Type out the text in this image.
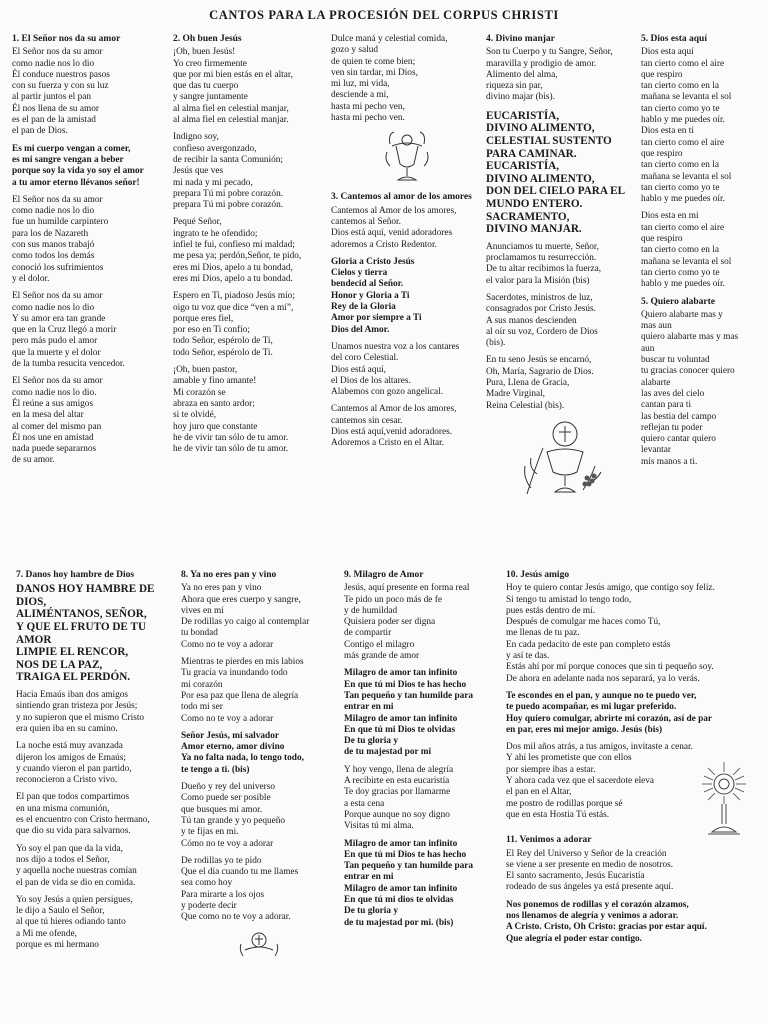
CANTOS PARA LA PROCESIÓN DEL CORPUS CHRISTI
1. El Señor nos da su amor
El Señor nos da su amor
como nadie nos lo dio
Él conduce nuestros pasos
con su fuerza y con su luz
al partir juntos el pan
Él nos llena de su amor
es el pan de la amistad
el pan de Dios.
Es mi cuerpo vengan a comer,
es mi sangre vengan a beber
porque soy la vida yo soy el amor
a tu amor eterno llévanos señor!
El Señor nos da su amor
como nadie nos lo dio
fue un humilde carpintero
para los de Nazareth
con sus manos trabajó
como todos los demás
conoció los sufrimientos
y el dolor.
El Señor nos da su amor
como nadie nos lo dio
Y su amor era tan grande
que en la Cruz llegó a morir
pero más pudo el amor
que la muerte y el dolor
de la tumba resucita vencedor.
El Señor nos da su amor
como nadie nos lo dio.
Él reúne a sus amigos
en la mesa del altar
al comer del mismo pan
Él nos une en amistad
nada puede separarnos
de su amor.
2. Oh buen Jesús
¡Oh, buen Jesús!
Yo creo firmemente
que por mi bien estás en el altar,
que das tu cuerpo
y sangre juntamente
al alma fiel en celestial manjar,
al alma fiel en celestial manjar.
Indigno soy,
confieso avergonzado,
de recibir la santa Comunión;
Jesús que ves
mi nada y mi pecado,
prepara Tú mi pobre corazón.
prepara Tú mi pobre corazón.
Pequé Señor,
ingrato te he ofendido;
infiel te fui, confieso mi maldad;
me pesa ya; perdón,Señor, te pido,
eres mi Dios, apelo a tu bondad,
eres mi Dios, apelo a tu bondad.
Espero en Ti, piadoso Jesús mío;
oigo tu voz que dice “ven a mí”,
porque eres fiel,
por eso en Ti confío;
todo Señor, espérolo de Ti,
todo Señor, espérolo de Ti.
¡Oh, buen pastor,
amable y fino amante!
Mi corazón se
abraza en santo ardor;
si te olvidé,
hoy juro que constante
he de vivir tan sólo de tu amor.
he de vivir tan sólo de tu amor.
Dulce maná y celestial comida,
gozo y salud
de quien te come bien;
ven sin tardar, mi Dios,
mi luz, mi vida,
desciende a mí,
hasta mi pecho ven,
hasta mi pecho ven.
3. Cantemos al amor de los amores
Cantemos al Amor de los amores,
cantemos al Señor.
Dios está aquí, venid adoradores
adoremos a Cristo Redentor.
Gloria a Cristo Jesús
Cielos y tierra
bendecid al Señor.
Honor y Gloria a Ti
Rey de la Gloria
Amor por siempre a Ti
Dios del Amor.
Unamos nuestra voz a los cantares
del coro Celestial.
Dios está aquí,
el Dios de los altares.
Alabemos con gozo angelical.
Cantemos al Amor de los amores,
cantemos sin cesar.
Dios está aquí,venid adoradores.
Adoremos a Cristo en el Altar.
4. Divino manjar
Son tu Cuerpo y tu Sangre, Señor,
maravilla y prodigio de amor.
Alimento del alma,
riqueza sin par,
divino majar (bis).
EUCARISTÍA,
DIVINO ALIMENTO,
CELESTIAL SUSTENTO
PARA CAMINAR.
EUCARISTÍA,
DIVINO ALIMENTO,
DON DEL CIELO PARA EL
MUNDO ENTERO.
SACRAMENTO,
DIVINO MANJAR.
Anunciamos tu muerte, Señor,
proclamamos tu resurrección.
De tu altar recibimos la fuerza,
el valor para la Misión (bis)
Sacerdotes, ministros de luz,
consagrados por Cristo Jesús.
A sus manos descienden
al oír su voz, Cordero de Dios
(bis).
En tu seno Jesús se encarnó,
Oh, María, Sagrario de Dios.
Pura, Llena de Gracia,
Madre Virginal,
Reina Celestial (bis).
5. Dios esta aquí
Dios esta aquí
tan cierto como el aire
que respiro
tan cierto como en la
mañana se levanta el sol
tan cierto como yo te
hablo y me puedes oír.
Dios esta en ti
tan cierto como el aire
que respiro
tan cierto como en la
mañana se levanta el sol
tan cierto como yo te
hablo y me puedes oír.
Dios esta en mi
tan cierto como el aire
que respiro
tan cierto como en la
mañana se levanta el sol
tan cierto como yo te
hablo y me puedes oír.
5. Quiero alabarte
Quiero alabarte mas y
mas aun
quiero alabarte mas y mas
aun
buscar tu voluntad
tu gracias conocer quiero
alabarte
las aves del cielo
cantan para ti
las bestia del campo
reflejan tu poder
quiero cantar quiero
levantar
mis manos a ti.
7. Danos hoy hambre de Dios
DANOS HOY HAMBRE DE
DIOS,
ALIMÉNTANOS, SEÑOR,
Y QUE EL FRUTO DE TU
AMOR
LIMPIE EL RENCOR,
NOS DE LA PAZ,
TRAIGA EL PERDÓN.
Hacia Emaús iban dos amigos
sintiendo gran tristeza por Jesús;
y no supieron que el mismo Cristo
era quien iba en su camino.
La noche está muy avanzada
dijeron los amigos de Emaús;
y cuando vieron el pan partido,
reconocieron a Cristo vivo.
El pan que todos compartimos
en una misma comunión,
es el encuentro con Cristo hermano,
que dio su vida para salvarnos.
Yo soy el pan que da la vida,
nos dijo a todos el Señor,
y aquella noche nuestras comían
el pan de vida se dio en comida.
Yo soy Jesús a quien persigues,
le dijo a Saulo el Señor,
al que tú hieres odiando tanto
a Mi me ofende,
porque es mi hermano
8. Ya no eres pan y vino
Ya no eres pan y vino
Ahora que eres cuerpo y sangre,
vives en mí
De rodillas yo caigo al contemplar
tu bondad
Como no te voy a adorar
Mientras te pierdes en mis labios
Tu gracia va inundando todo
mi corazón
Por esa paz que llena de alegría
todo mi ser
Como no te voy a adorar
Señor Jesús, mi salvador
Amor eterno, amor divino
Ya no falta nada, lo tengo todo,
te tengo a ti. (bis)
Dueño y rey del universo
Como puede ser posible
que busques mi amor.
Tú tan grande y yo pequeño
y te fijas en mi.
Cómo no te voy a adorar
De rodillas yo te pido
Que el día cuando tu me llames
sea como hoy
Para mirarte a los ojos
y poderte decir
Que como no te voy a adorar.
9. Milagro de Amor
Jesús, aquí presente en forma real
Te pido un poco más de fe
y de humildad
Quisiera poder ser digna
de compartir
Contigo el milagro
más grande de amor
Milagro de amor tan infinito
En que tú mi Dios te has hecho
Tan pequeño y tan humilde para
entrar en mi
Milagro de amor tan infinito
En que tú mi Dios te olvidas
De tu gloria y
de tu majestad por mi
Y hoy vengo, llena de alegría
A recibirte en esta eucaristía
Te doy gracias por llamarme
a esta cena
Porque aunque no soy digno
Visitas tú mi alma.
Milagro de amor tan infinito
En que tú mi Dios te has hecho
Tan pequeño y tan humilde para
entrar en mi
Milagro de amor tan infinito
En que tú mi dios te olvidas
De tu gloria y
de tu majestad por mi. (bis)
10. Jesús amigo
Hoy te quiero contar Jesús amigo, que contigo soy feliz.
Si tengo tu amistad lo tengo todo,
pues estás dentro de mí.
Después de comulgar me haces como Tú,
me llenas de tu paz.
En cada pedacito de este pan completo estás
y así te das.
Estás ahí por mí porque conoces que sin ti pequeño soy.
De ahora en adelante nada nos separará, ya lo verás.
Te escondes en el pan, y aunque no te puedo ver,
te puedo acompañar, es mi lugar preferido.
Hoy quiero comulgar, abrirte mi corazón, así de par
en par, eres mi mejor amigo. Jesús (bis)
Dos mil años atrás, a tus amigos, invitaste a cenar.
Y ahí les prometiste que con ellos
por siempre ibas a estar.
Y ahora cada vez que el sacerdote eleva
el pan en el Altar,
me postro de rodillas porque sé
que en esta Hostia Tú estás.
11. Venimos a adorar
El Rey del Universo y Señor de la creación
se viene a ser presente en medio de nosotros.
El santo sacramento, Jesús Eucaristía
rodeado de sus ángeles ya está presente aquí.
Nos ponemos de rodillas y el corazón alzamos,
nos llenamos de alegría y venimos a adorar.
A Cristo. Cristo, Oh Cristo: gracias por estar aquí.
Que alegría el poder estar contigo.
